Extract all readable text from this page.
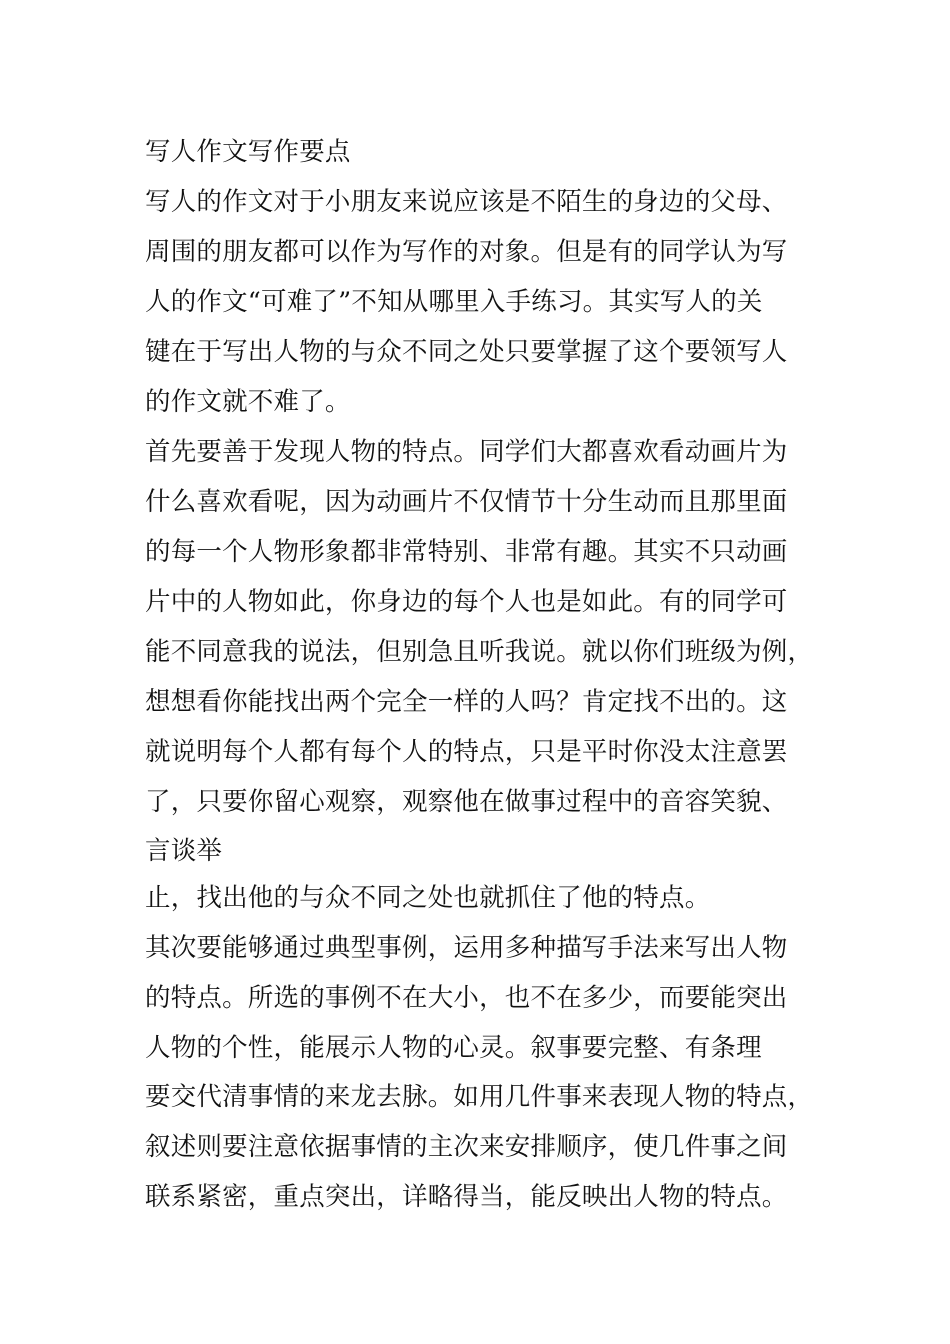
写人作文写作要点
写人的作文对于小朋友来说应该是不陌生的身边的父母、
周围的朋友都可以作为写作的对象。但是有的同学认为写
人的作文“可难了”不知从哪里入手练习。其实写人的关
键在于写出人物的与众不同之处只要掌握了这个要领写人
的作文就不难了。
首先要善于发现人物的特点。同学们大都喜欢看动画片为
什么喜欢看呢，因为动画片不仅情节十分生动而且那里面
的每一个人物形象都非常特别、非常有趣。其实不只动画
片中的人物如此，你身边的每个人也是如此。有的同学可
能不同意我的说法，但别急且听我说。就以你们班级为例，
想想看你能找出两个完全一样的人吗？肯定找不出的。这
就说明每个人都有每个人的特点，只是平时你没太注意罢
了，只要你留心观察，观察他在做事过程中的音容笑貌、
言谈举
止，找出他的与众不同之处也就抓住了他的特点。
其次要能够通过典型事例，运用多种描写手法来写出人物
的特点。所选的事例不在大小，也不在多少，而要能突出
人物的个性，能展示人物的心灵。叙事要完整、有条理
要交代清事情的来龙去脉。如用几件事来表现人物的特点，
叙述则要注意依据事情的主次来安排顺序，使几件事之间
联系紧密，重点突出，详略得当，能反映出人物的特点。
